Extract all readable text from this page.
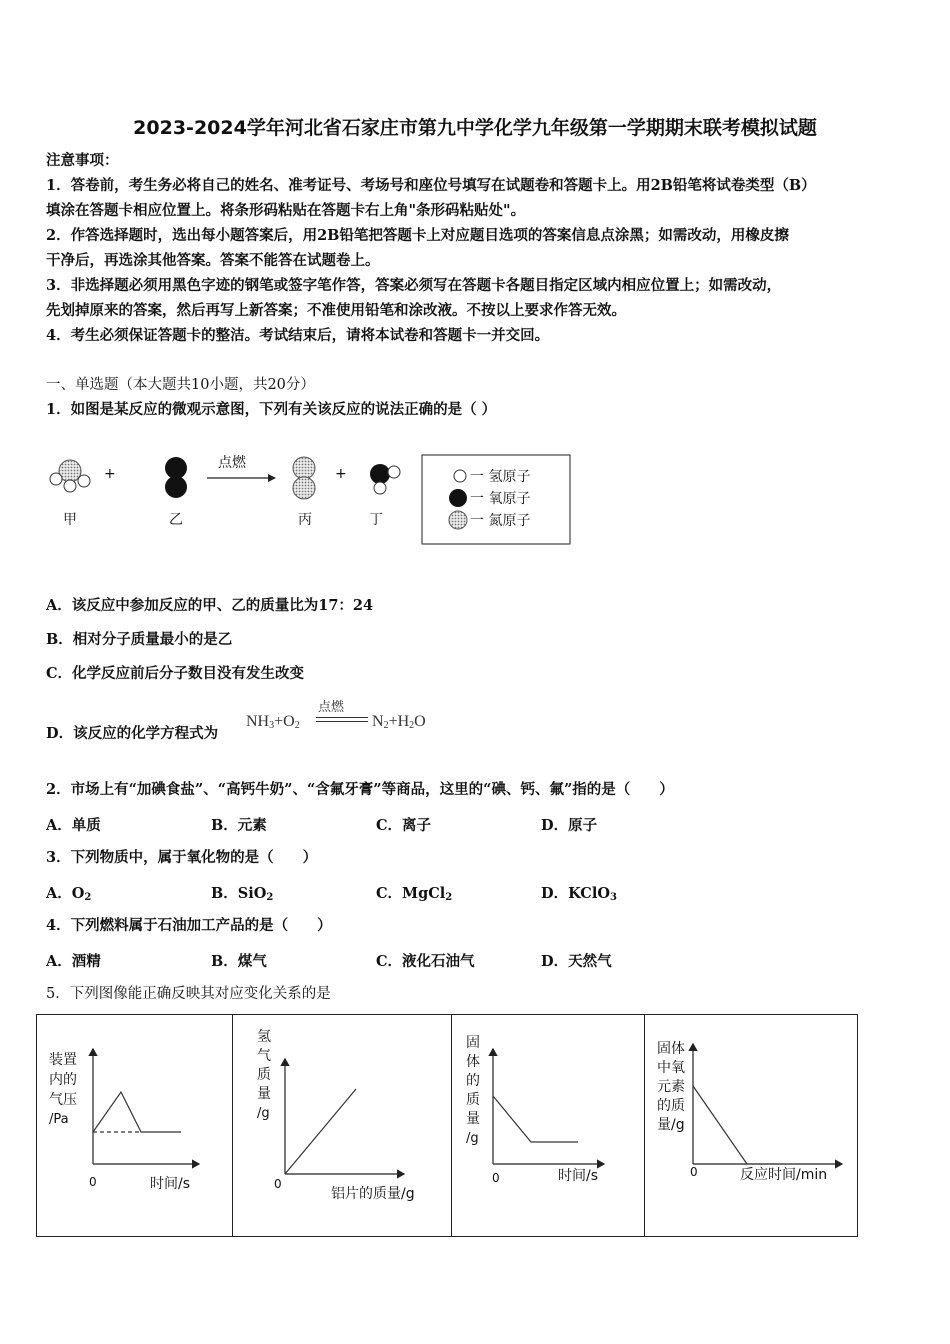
2023-2024学年河北省石家庄市第九中学化学九年级第一学期期末联考模拟试题
注意事项：
1．答卷前，考生务必将自己的姓名、准考证号、考场号和座位号填写在试题卷和答题卡上。用2B铅笔将试卷类型（B）
填涂在答题卡相应位置上。将条形码粘贴在答题卡右上角"条形码粘贴处"。
2．作答选择题时，选出每小题答案后，用2B铅笔把答题卡上对应题目选项的答案信息点涂黑；如需改动，用橡皮擦
干净后，再选涂其他答案。答案不能答在试题卷上。
3．非选择题必须用黑色字迹的钢笔或签字笔作答，答案必须写在答题卡各题目指定区域内相应位置上；如需改动，
先划掉原来的答案，然后再写上新答案；不准使用铅笔和涂改液。不按以上要求作答无效。
4．考生必须保证答题卡的整洁。考试结束后，请将本试卷和答题卡一并交回。
一、单选题（本大题共10小题，共20分）
1．如图是某反应的微观示意图，下列有关该反应的说法正确的是（ ）
+	+
点燃
甲	乙	丙	丁
一 氢原子
一 氧原子
一 氮原子
A．该反应中参加反应的甲、乙的质量比为17：24
B．相对分子质量最小的是乙
C．化学反应前后分子数目没有发生改变
D．该反应的化学方程式为
$NH_3+O_2$
点燃
$N_2+H_2O$
2．市场上有“加碘食盐”、“高钙牛奶”、“含氟牙膏”等商品，这里的“碘、钙、氟”指的是（　　）
A．单质	B．元素	C．离子	D．原子
3．下列物质中，属于氧化物的是（　　）
A．$O_2$	B．SiO$_2$	C．MgCl$_2$	D．KClO$_3$
4．下列燃料属于石油加工产品的是（　　）
A．酒精	B．煤气	C．液化石油气	D．天然气
5．下列图像能正确反映其对应变化关系的是
装置
内的
气压
/Pa
0	时间/s
氢
气
质
量
/g
0
铝片的质量/g
固
体
的
质
量
/g
0	时间/s
固体
中氧
元素
的质
量/g
0	反应时间/min
